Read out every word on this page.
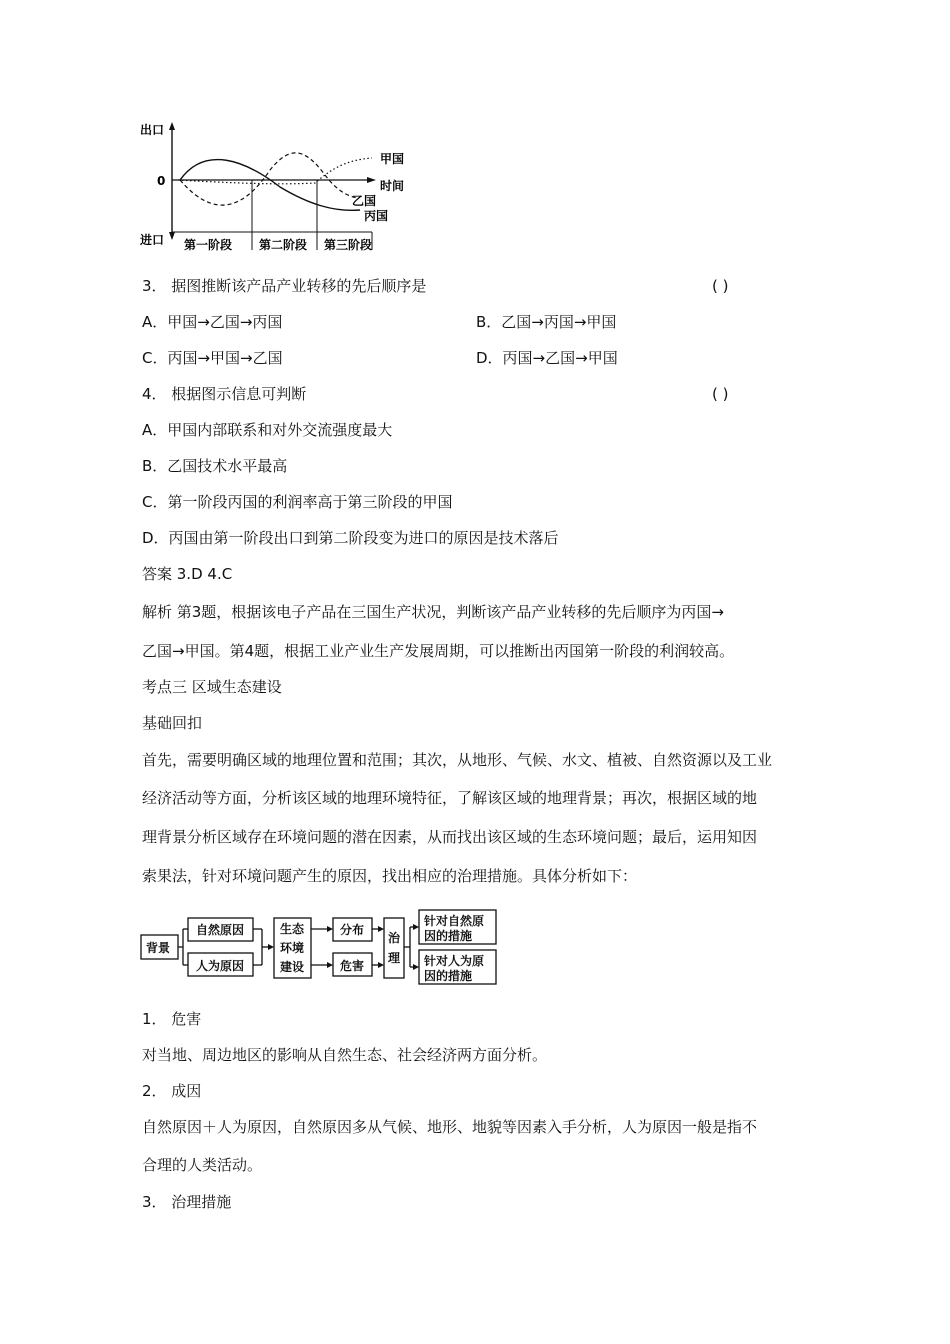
出口
进口
0	时间
甲国
乙国
丙国
第一阶段 第二阶段 第三阶段
3． 据图推断该产品产业转移的先后顺序是	( )
A．甲国→乙国→丙国	B．乙国→丙国→甲国
C．丙国→甲国→乙国	D．丙国→乙国→甲国
4． 根据图示信息可判断	( )
A．甲国内部联系和对外交流强度最大
B．乙国技术水平最高
C．第一阶段丙国的利润率高于第三阶段的甲国
D．丙国由第一阶段出口到第二阶段变为进口的原因是技术落后
答案 3.D 4.C
解析 第3题，根据该电子产品在三国生产状况，判断该产品产业转移的先后顺序为丙国→
乙国→甲国。第4题，根据工业产业生产发展周期，可以推断出丙国第一阶段的利润较高。
考点三 区域生态建设
基础回扣
首先，需要明确区域的地理位置和范围；其次，从地形、气候、水文、植被、自然资源以及工业
经济活动等方面，分析该区域的地理环境特征，了解该区域的地理背景；再次，根据区域的地
理背景分析区域存在环境问题的潜在因素，从而找出该区域的生态环境问题；最后，运用知因
索果法，针对环境问题产生的原因，找出相应的治理措施。具体分析如下：
背景
自然原因
人为原因
生态
环境
建设
分布
危害
治
理
针对自然原
因的措施
针对人为原
因的措施
1． 危害
对当地、周边地区的影响从自然生态、社会经济两方面分析。
2． 成因
自然原因＋人为原因，自然原因多从气候、地形、地貌等因素入手分析，人为原因一般是指不
合理的人类活动。
3． 治理措施
